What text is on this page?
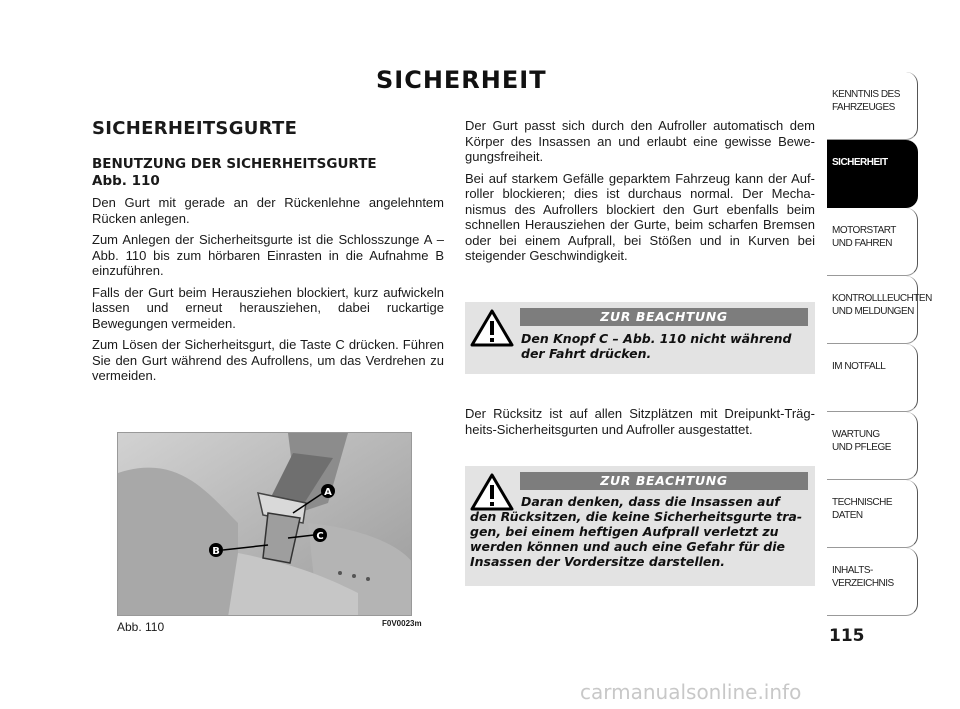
SICHERHEIT
SICHERHEITSGURTE
BENUTZUNG DER SICHERHEITSGURTE
Abb. 110

Den Gurt mit gerade an der Rückenlehne angelehntem Rücken anlegen.

Zum Anlegen der Sicherheitsgurte ist die Schlosszunge A – Abb. 110 bis zum hörbaren Einrasten in die Aufnahme B einzuführen.

Falls der Gurt beim Herausziehen blockiert, kurz aufwickeln lassen und erneut herausziehen, dabei ruckartige Bewegungen vermeiden.

Zum Lösen der Sicherheitsgurt, die Taste C drücken. Führen Sie den Gurt während des Aufrollens, um das Verdrehen zu vermeiden.

Der Gurt passt sich durch den Aufroller automatisch dem Körper des Insassen an und erlaubt eine gewisse Bewegungsfreiheit.

Bei auf starkem Gefälle geparktem Fahrzeug kann der Aufroller blockieren; dies ist durchaus normal. Der Mechanismus des Aufrollers blockiert den Gurt ebenfalls beim schnellen Herausziehen der Gurte, beim scharfen Bremsen oder bei einem Aufprall, bei Stößen und in Kurven bei steigender Geschwindigkeit.

ZUR BEACHTUNG
Den Knopf C – Abb. 110 nicht während der Fahrt drücken.

Der Rücksitz ist auf allen Sitzplätzen mit Dreipunkt-Trägheits-Sicherheitsgurten und Aufroller ausgestattet.

ZUR BEACHTUNG
Daran denken, dass die Insassen auf den Rücksitzen, die keine Sicherheitsgurte tragen, bei einem heftigen Aufprall verletzt zu werden können und auch eine Gefahr für die Insassen der Vordersitze darstellen.
A
C
B
Abb. 110	F0V0023m
KENNTNIS DES
FAHRZEUGES
SICHERHEIT
MOTORSTART
UND FAHREN
KONTROLLLEUCHTEN
UND MELDUNGEN
IM NOTFALL
WARTUNG
UND PFLEGE
TECHNISCHE DATEN
INHALTS-
VERZEICHNIS
115
carmanualsonline.info
